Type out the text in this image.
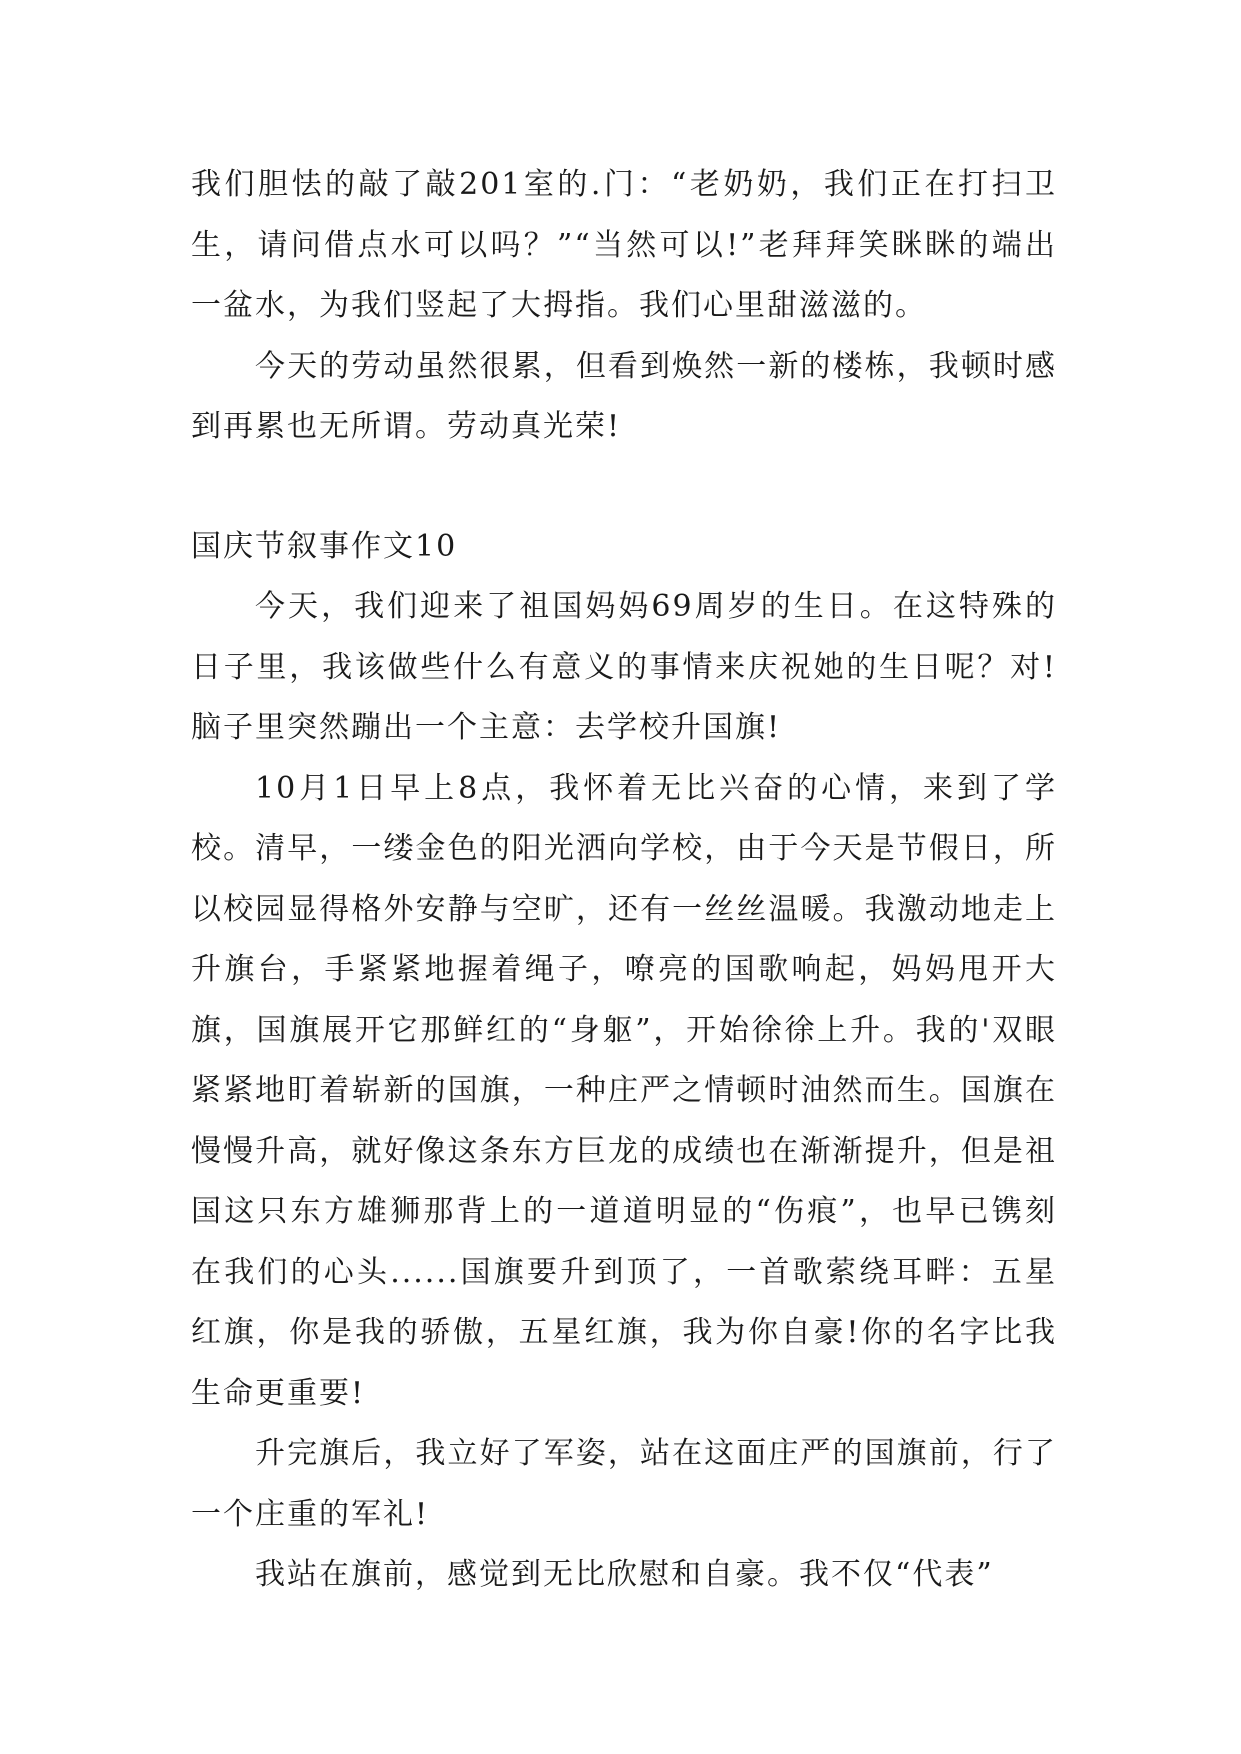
我们胆怯的敲了敲201室的.门：“老奶奶，我们正在打扫卫生，请问借点水可以吗？”“当然可以!”老拜拜笑眯眯的端出一盆水，为我们竖起了大拇指。我们心里甜滋滋的。

今天的劳动虽然很累，但看到焕然一新的楼栋，我顿时感到再累也无所谓。劳动真光荣!

国庆节叙事作文10

今天，我们迎来了祖国妈妈69周岁的生日。在这特殊的日子里，我该做些什么有意义的事情来庆祝她的生日呢？对!脑子里突然蹦出一个主意：去学校升国旗!

10月1日早上8点，我怀着无比兴奋的心情，来到了学校。清早，一缕金色的阳光洒向学校，由于今天是节假日，所以校园显得格外安静与空旷，还有一丝丝温暖。我激动地走上升旗台，手紧紧地握着绳子，嘹亮的国歌响起，妈妈甩开大旗，国旗展开它那鲜红的“身躯”，开始徐徐上升。我的'双眼紧紧地盯着崭新的国旗，一种庄严之情顿时油然而生。国旗在慢慢升高，就好像这条东方巨龙的成绩也在渐渐提升，但是祖国这只东方雄狮那背上的一道道明显的“伤痕”，也早已镌刻在我们的心头......国旗要升到顶了，一首歌萦绕耳畔：五星红旗，你是我的骄傲，五星红旗，我为你自豪!你的名字比我生命更重要!

升完旗后，我立好了军姿，站在这面庄严的国旗前，行了一个庄重的军礼!

我站在旗前，感觉到无比欣慰和自豪。我不仅“代表”
